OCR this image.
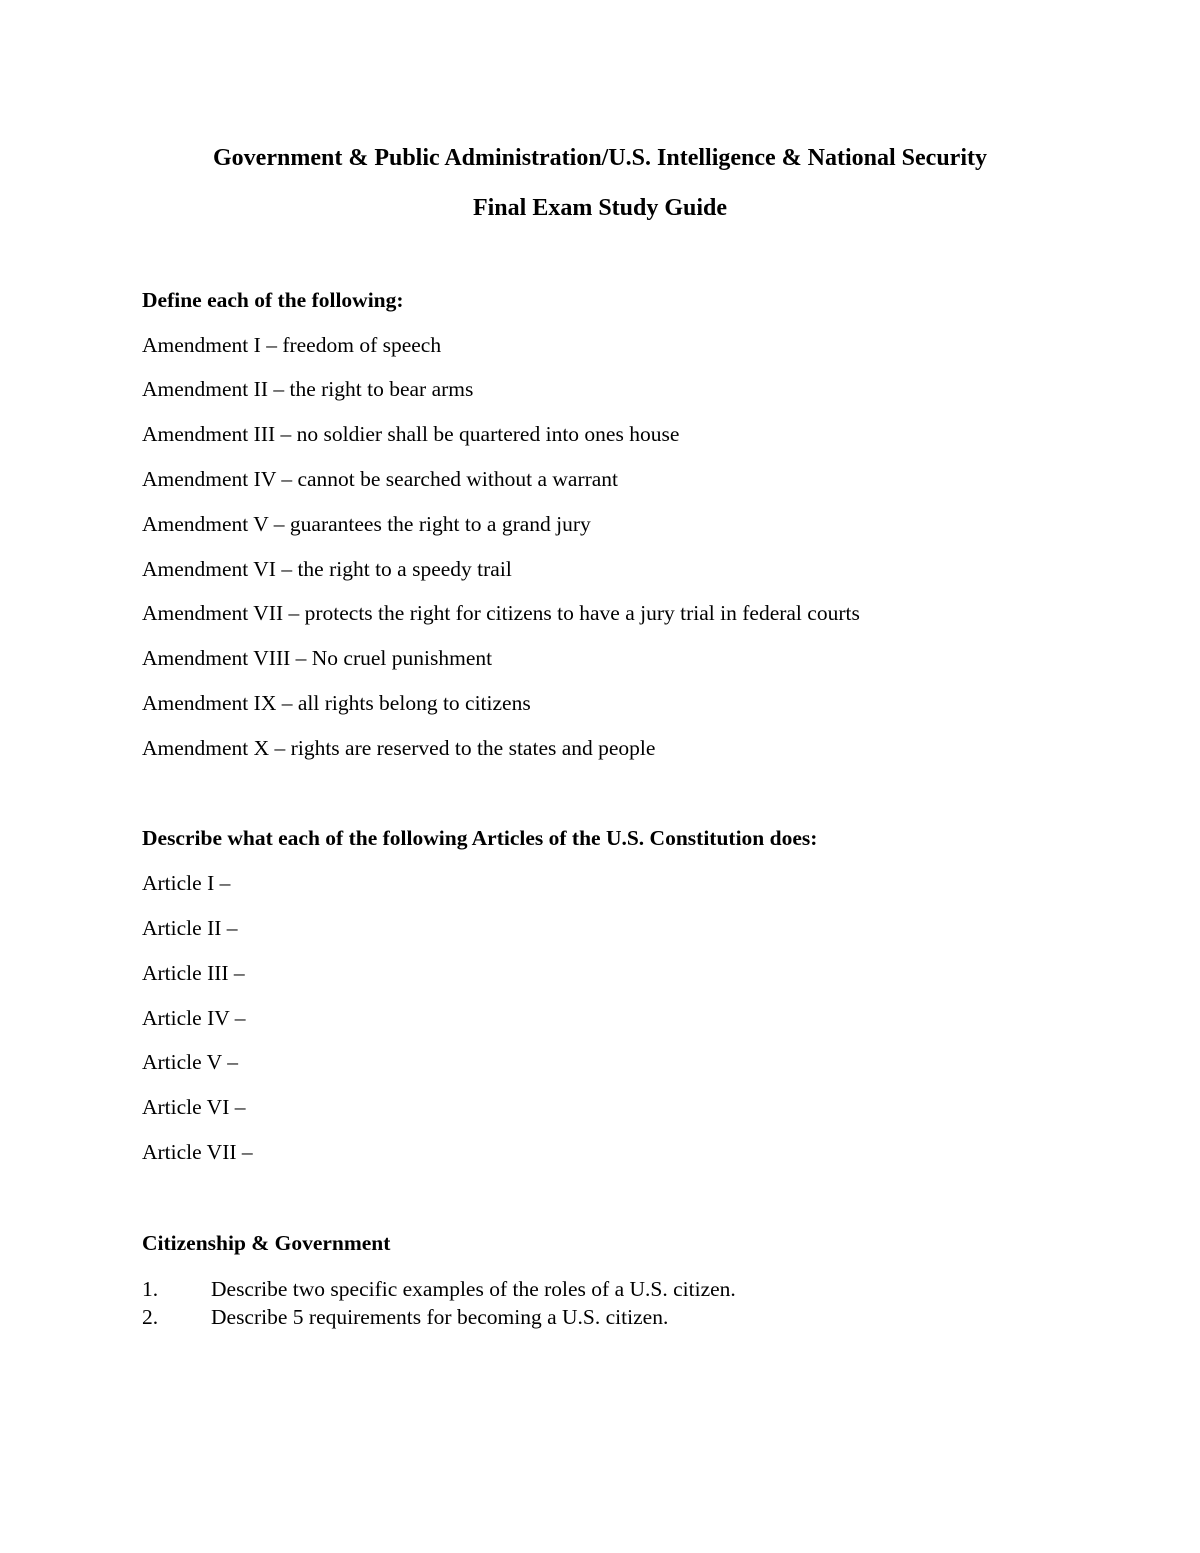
Government & Public Administration/U.S. Intelligence & National Security
Final Exam Study Guide
Define each of the following:
Amendment I – freedom of speech
Amendment II – the right to bear arms
Amendment III – no soldier shall be quartered into ones house
Amendment IV – cannot be searched without a warrant
Amendment V – guarantees the right to a grand jury
Amendment VI – the right to a speedy trail
Amendment VII – protects the right for citizens to have a jury trial in federal courts
Amendment VIII – No cruel punishment
Amendment IX – all rights belong to citizens
Amendment X – rights are reserved to the states and people
Describe what each of the following Articles of the U.S. Constitution does:
Article I –
Article II –
Article III –
Article IV –
Article V –
Article VI –
Article VII –
Citizenship & Government
1.	Describe two specific examples of the roles of a U.S. citizen.
2.	Describe 5 requirements for becoming a U.S. citizen.
